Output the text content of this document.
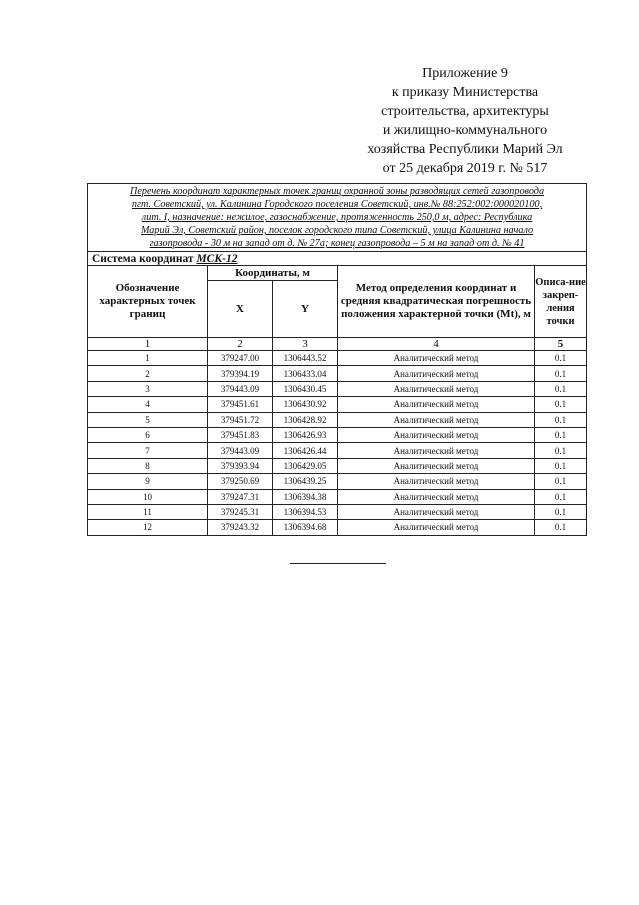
Приложение 9
к приказу Министерства
строительства, архитектуры
и жилищно-коммунального
хозяйства Республики Марий Эл
от 25 декабря 2019 г. № 517
Перечень координат характерных точек границ охранной зоны разводящих сетей газопровода
пгт. Советский, ул. Калинина Городского поселения Советский, инв.№ 88:252:002:000020100,
лит. I, назначение: нежилое, газоснабжение, протяженность 250,0 м, адрес: Республика
Марий Эл, Советский район, поселок городского типа Советский, улица Калинина начало
газопровода - 30 м на запад от д. № 27а; конец газопровода – 5 м на запад от д. № 41				

Система координат МСК-12				
Обозначение характерных точек границ	Координаты, м		Метод определения координат и средняя квадратическая погрешность положения характерной точки (Mt), м	Описа-ние закреп-ления точки
	X	Y		
1	2	3	4	5
1	379247.00	1306443.52	Аналитический метод	0.1
2	379394.19	1306433.04	Аналитический метод	0.1
3	379443.09	1306430.45	Аналитический метод	0.1
4	379451.61	1306430.92	Аналитический метод	0.1
5	379451.72	1306428.92	Аналитический метод	0.1
6	379451.83	1306426.93	Аналитический метод	0.1
7	379443.09	1306426.44	Аналитический метод	0.1
8	379393.94	1306429.05	Аналитический метод	0.1
9	379250.69	1306439.25	Аналитический метод	0.1
10	379247.31	1306394.38	Аналитический метод	0.1
11	379245.31	1306394.53	Аналитический метод	0.1
12	379243.32	1306394.68	Аналитический метод	0.1
